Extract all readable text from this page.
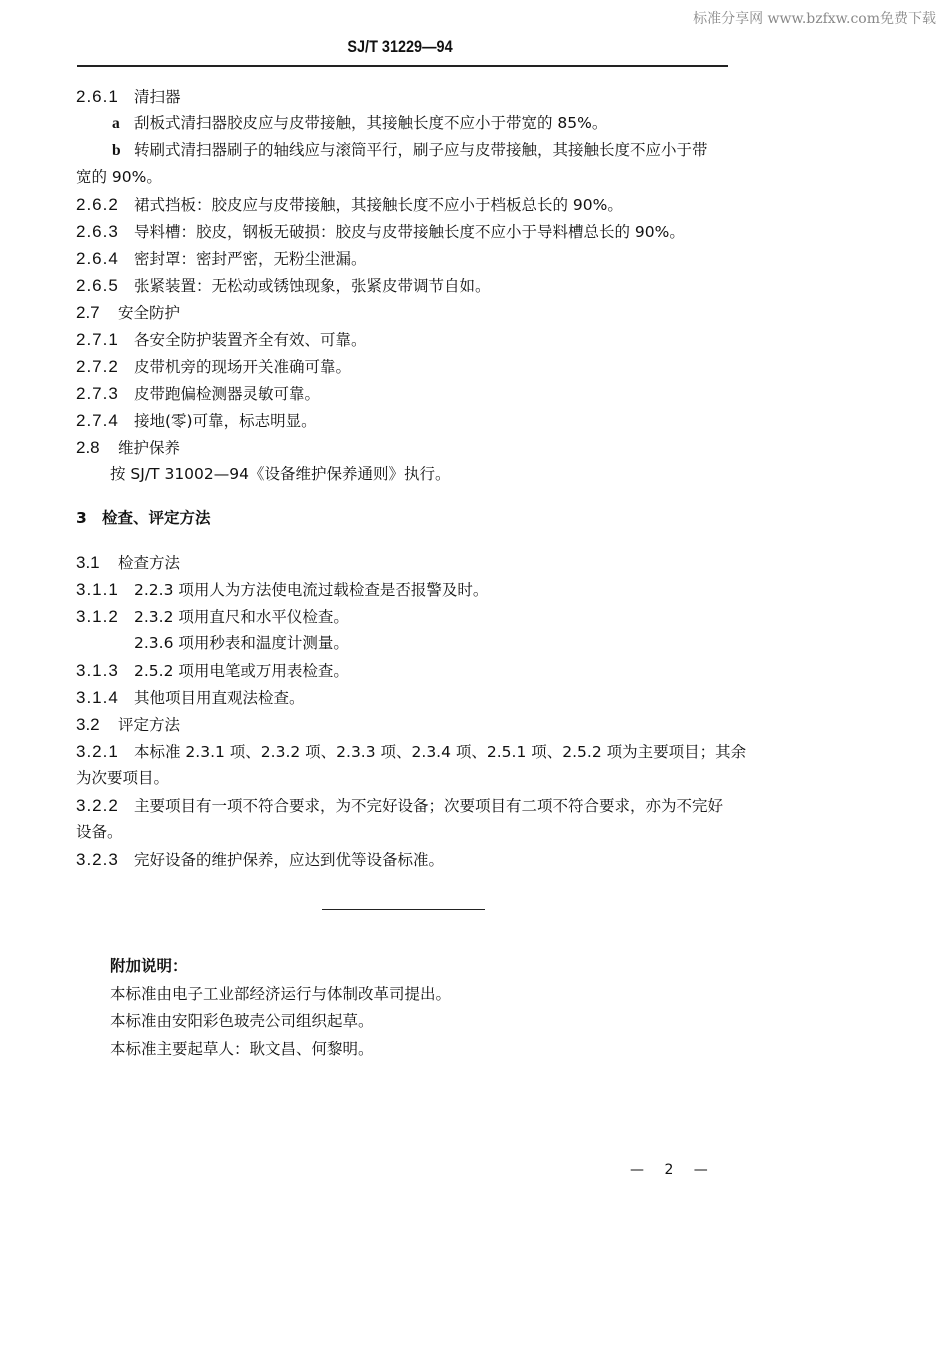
标准分享网 www.bzfxw.com免费下载
SJ/T 31229—94
2.6.1 清扫器
a 刮板式清扫器胶皮应与皮带接触，其接触长度不应小于带宽的 85%。
b 转刷式清扫器刷子的轴线应与滚筒平行，刷子应与皮带接触，其接触长度不应小于带
宽的 90%。
2.6.2 裙式挡板：胶皮应与皮带接触，其接触长度不应小于档板总长的 90%。
2.6.3 导料槽：胶皮，钢板无破损：胶皮与皮带接触长度不应小于导料槽总长的 90%。
2.6.4 密封罩：密封严密，无粉尘泄漏。
2.6.5 张紧装置：无松动或锈蚀现象，张紧皮带调节自如。
2.7 安全防护
2.7.1 各安全防护装置齐全有效、可靠。
2.7.2 皮带机旁的现场开关准确可靠。
2.7.3 皮带跑偏检测器灵敏可靠。
2.7.4 接地(零)可靠，标志明显。
2.8 维护保养
按 SJ/T 31002—94《设备维护保养通则》执行。
3 检查、评定方法
3.1 检查方法
3.1.1 2.2.3 项用人为方法使电流过载检查是否报警及时。
3.1.2 2.3.2 项用直尺和水平仪检查。
2.3.6 项用秒表和温度计测量。
3.1.3 2.5.2 项用电笔或万用表检查。
3.1.4 其他项目用直观法检查。
3.2 评定方法
3.2.1 本标准 2.3.1 项、2.3.2 项、2.3.3 项、2.3.4 项、2.5.1 项、2.5.2 项为主要项目；其余
为次要项目。
3.2.2 主要项目有一项不符合要求，为不完好设备；次要项目有二项不符合要求，亦为不完好
设备。
3.2.3 完好设备的维护保养，应达到优等设备标准。
附加说明：
本标准由电子工业部经济运行与体制改革司提出。
本标准由安阳彩色玻壳公司组织起草。
本标准主要起草人：耿文昌、何黎明。
— 2 —
